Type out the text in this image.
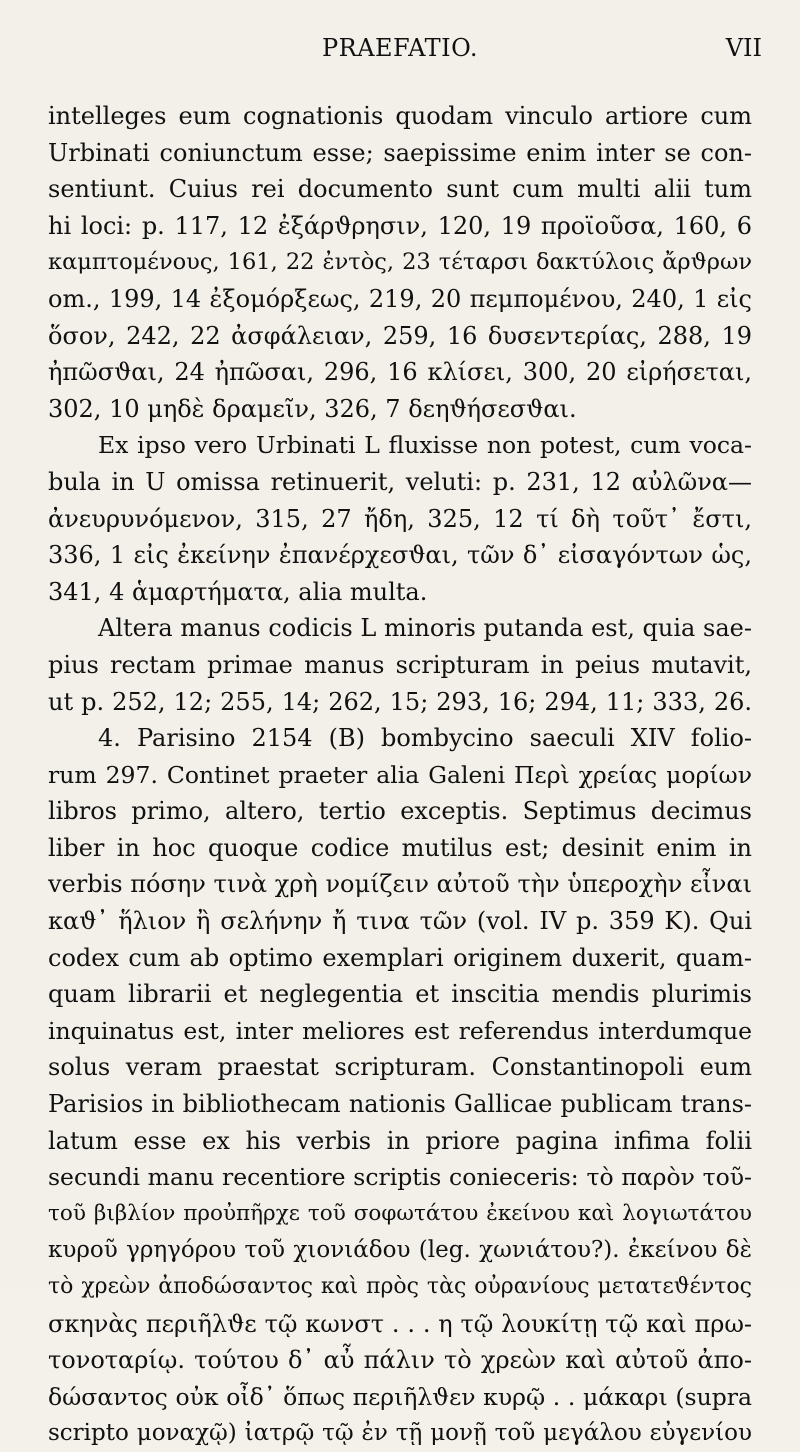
PRAEFATIO.	VII
intelleges eum cognationis quodam vinculo artiore cum
Urbinati coniunctum esse; saepissime enim inter se con-
sentiunt. Cuius rei documento sunt cum multi alii tum
hi loci: p. 117, 12 ἐξάρϑρησιν, 120, 19 προϊοῦσα, 160, 6
καμπτομένους, 161, 22 ἐντὸς, 23 τέταρσι δακτύλοις ἄρϑρων
om., 199, 14 ἐξομόρξεως, 219, 20 πεμπομένου, 240, 1 εἰς
ὅσον, 242, 22 ἀσφάλειαν, 259, 16 δυσεντερίας, 288, 19
ἠπῶσϑαι, 24 ἠπῶσαι, 296, 16 κλίσει, 300, 20 εἰρήσεται,
302, 10 μηδὲ δραμεῖν, 326, 7 δεηϑήσεσϑαι.
Ex ipso vero Urbinati L fluxisse non potest, cum voca-
bula in U omissa retinuerit, veluti: p. 231, 12 αὐλῶνα—
ἀνευρυνόμενον, 315, 27 ἤδη, 325, 12 τί δὴ τοῦτ᾽ ἔστι,
336, 1 εἰς ἐκείνην ἐπανέρχεσϑαι, τῶν δ᾽ εἰσαγόντων ὡς,
341, 4 ἁμαρτήματα, alia multa.
Altera manus codicis L minoris putanda est, quia sae-
pius rectam primae manus scripturam in peius mutavit,
ut p. 252, 12; 255, 14; 262, 15; 293, 16; 294, 11; 333, 26.
4. Parisino 2154 (B) bombycino saeculi XIV folio-
rum 297. Continet praeter alia Galeni Περὶ χρείας μορίων
libros primo, altero, tertio exceptis. Septimus decimus
liber in hoc quoque codice mutilus est; desinit enim in
verbis πόσην τινὰ χρὴ νομίζειν αὐτοῦ τὴν ὑπεροχὴν εἶναι
καϑ᾽ ἥλιον ἢ σελήνην ἤ τινα τῶν (vol. IV p. 359 K). Qui
codex cum ab optimo exemplari originem duxerit, quam-
quam librarii et neglegentia et inscitia mendis plurimis
inquinatus est, inter meliores est referendus interdumque
solus veram praestat scripturam. Constantinopoli eum
Parisios in bibliothecam nationis Gallicae publicam trans-
latum esse ex his verbis in priore pagina infima folii
secundi manu recentiore scriptis conieceris: τὸ παρὸν τοῦ-
τοῦ βιβλίον προὐπῆρχε τοῦ σοφωτάτου ἐκείνου καὶ λογιωτάτου
κυροῦ γρηγόρου τοῦ χιονιάδου (leg. χωνιάτου?). ἐκείνου δὲ
τὸ χρεὼν ἀποδώσαντος καὶ πρὸς τὰς οὐρανίους μετατεϑέντος
σκηνὰς περιῆλϑε τῷ κωνστ . . . η τῷ λουκίτῃ τῷ καὶ πρω-
τονοταρίῳ. τούτου δ᾽ αὖ πάλιν τὸ χρεὼν καὶ αὐτοῦ ἀπο-
δώσαντος οὐκ οἶδ᾽ ὅπως περιῆλϑεν κυρῷ . . μάκαρι (supra
scripto μοναχῷ) ἰατρῷ τῷ ἐν τῇ μονῇ τοῦ μεγάλου εὐγενίου
